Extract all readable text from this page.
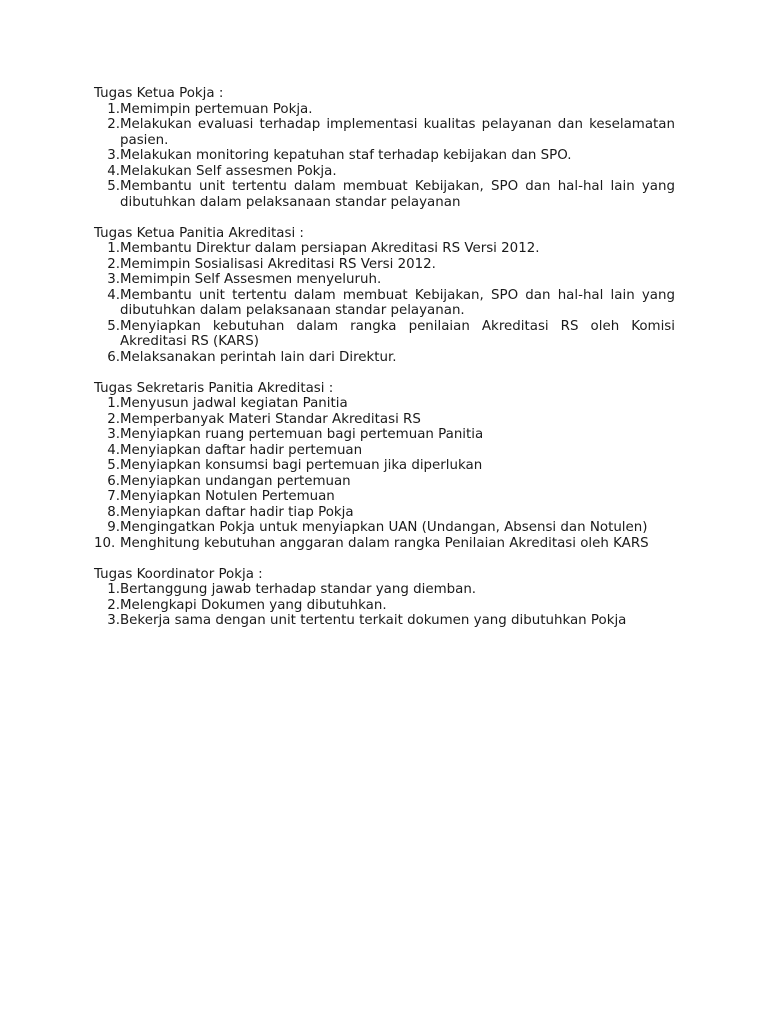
Tugas Ketua Pokja :
1. Memimpin pertemuan Pokja.
2. Melakukan evaluasi terhadap implementasi kualitas pelayanan dan keselamatan pasien.
3. Melakukan monitoring kepatuhan staf terhadap kebijakan dan SPO.
4. Melakukan Self assesmen Pokja.
5. Membantu unit tertentu dalam membuat Kebijakan, SPO dan hal-hal lain yang dibutuhkan dalam pelaksanaan standar pelayanan
Tugas Ketua Panitia Akreditasi :
1. Membantu Direktur dalam persiapan Akreditasi RS Versi 2012.
2. Memimpin Sosialisasi Akreditasi RS Versi 2012.
3. Memimpin Self Assesmen menyeluruh.
4. Membantu unit tertentu dalam membuat Kebijakan, SPO dan hal-hal lain yang dibutuhkan dalam pelaksanaan standar pelayanan.
5. Menyiapkan kebutuhan dalam rangka penilaian Akreditasi RS oleh Komisi Akreditasi RS (KARS)
6. Melaksanakan perintah lain dari Direktur.
Tugas Sekretaris Panitia Akreditasi :
1. Menyusun jadwal kegiatan Panitia
2. Memperbanyak Materi Standar Akreditasi RS
3. Menyiapkan ruang pertemuan bagi pertemuan Panitia
4. Menyiapkan daftar hadir pertemuan
5. Menyiapkan konsumsi bagi pertemuan jika diperlukan
6. Menyiapkan undangan pertemuan
7. Menyiapkan Notulen Pertemuan
8. Menyiapkan daftar hadir tiap Pokja
9. Mengingatkan Pokja untuk menyiapkan UAN (Undangan, Absensi dan Notulen)
10. Menghitung kebutuhan anggaran dalam rangka Penilaian Akreditasi oleh KARS
Tugas Koordinator Pokja :
1. Bertanggung jawab terhadap standar yang diemban.
2. Melengkapi Dokumen yang dibutuhkan.
3. Bekerja sama dengan unit tertentu terkait dokumen yang dibutuhkan Pokja
